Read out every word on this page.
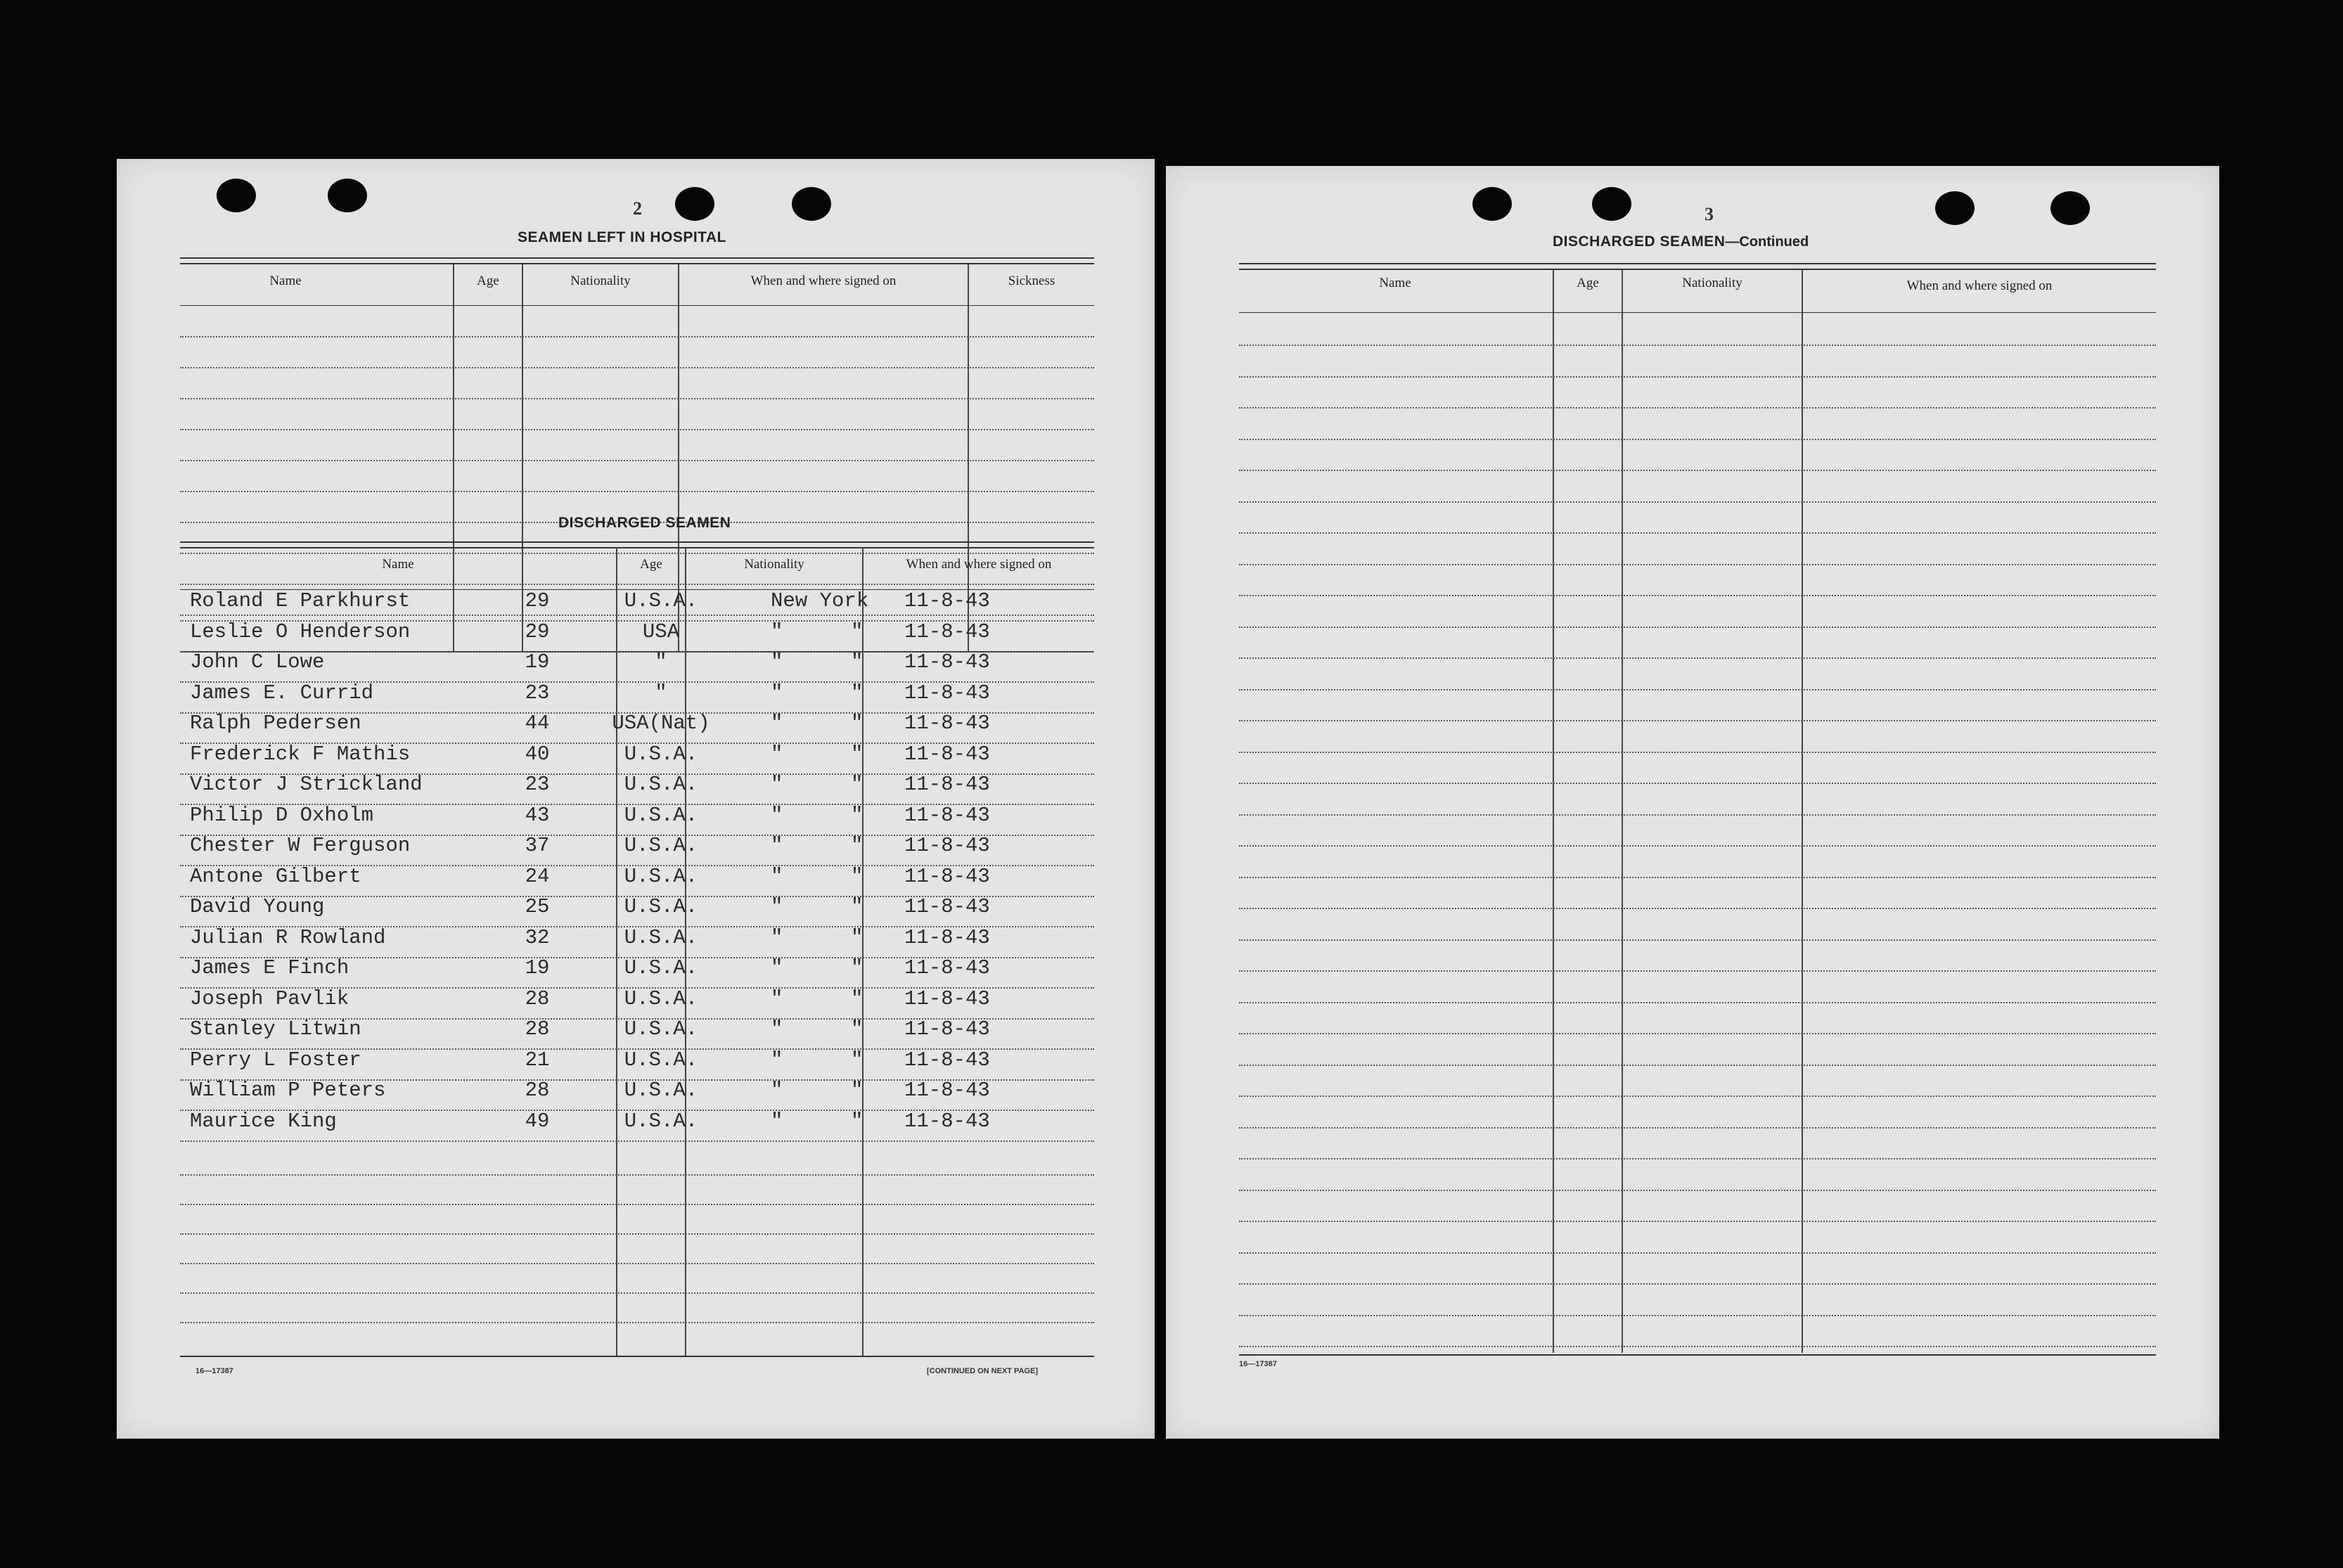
2
SEAMEN LEFT IN HOSPITAL
Name	Age	Nationality	When and where signed on	Sickness
DISCHARGED SEAMEN
Name	Age	Nationality	When and where signed on
Roland E Parkhurst	29	U.S.A.	New York 11-8-43
Leslie O Henderson	29	USA	"	" 11-8-43
John C Lowe	19	"	"	" 11-8-43
James E. Currid	23	"	"	" 11-8-43
Ralph Pedersen	44	USA(Nat)	"	" 11-8-43
Frederick F Mathis	40	U.S.A.	"	" 11-8-43
Victor J Strickland	23	U.S.A.	"	" 11-8-43
Philip D Oxholm	43	U.S.A.	"	" 11-8-43
Chester W Ferguson	37	U.S.A.	"	" 11-8-43
Antone Gilbert	24	U.S.A.	"	" 11-8-43
David Young	25	U.S.A.	"	" 11-8-43
Julian R Rowland	32	U.S.A.	"	" 11-8-43
James E Finch	19	U.S.A.	"	" 11-8-43
Joseph Pavlik	28	U.S.A.	"	" 11-8-43
Stanley Litwin	28	U.S.A.	"	" 11-8-43
Perry L Foster	21	U.S.A.	"	" 11-8-43
William P Peters	28	U.S.A.	"	" 11-8-43
Maurice King	49	U.S.A.	"	" 11-8-43
16—17387	[CONTINUED ON NEXT PAGE]
3
DISCHARGED SEAMEN—Continued
Name	Age	Nationality	When and where signed on
16—17387
